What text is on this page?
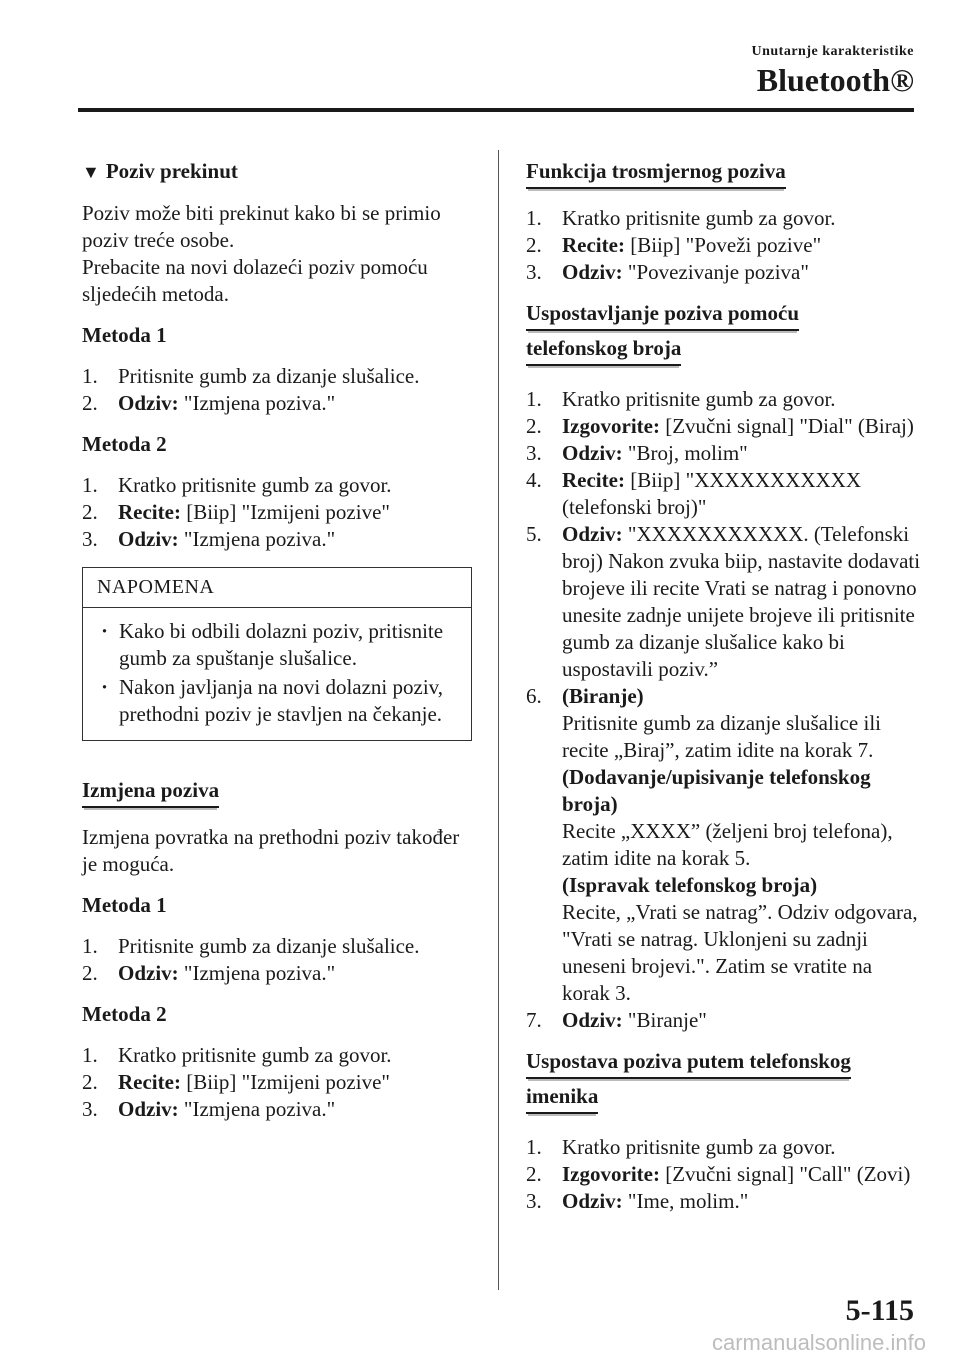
Unutarnje karakteristike
Bluetooth®

▼ Poziv prekinut

Poziv može biti prekinut kako bi se primio poziv treće osobe.

Prebacite na novi dolazeći poziv pomoću sljedećih metoda.

Metoda 1

1. Pritisnite gumb za dizanje slušalice.
2. Odziv: "Izmjena poziva."

Metoda 2

1. Kratko pritisnite gumb za govor.
2. Recite: [Biip] "Izmijeni pozive"
3. Odziv: "Izmjena poziva."
NAPOMENA
· Kako bi odbili dolazni poziv, pritisnite gumb za spuštanje slušalice.
· Nakon javljanja na novi dolazni poziv, prethodni poziv je stavljen na čekanje.

Izmjena poziva

Izmjena povratka na prethodni poziv također je moguća.

Metoda 1

1. Pritisnite gumb za dizanje slušalice.
2. Odziv: "Izmjena poziva."

Metoda 2

1. Kratko pritisnite gumb za govor.
2. Recite: [Biip] "Izmijeni pozive"
3. Odziv: "Izmjena poziva."

Funkcija trosmjernog poziva

1. Kratko pritisnite gumb za govor.
2. Recite: [Biip] "Poveži pozive"
3. Odziv: "Povezivanje poziva"
Uspostavljanje poziva pomoću
telefonskog broja
1. Kratko pritisnite gumb za govor.
2. Izgovorite: [Zvučni signal] "Dial" (Biraj)
3. Odziv: "Broj, molim"
4. Recite: [Biip] "XXXXXXXXXXX (telefonski broj)"
5. Odziv: "XXXXXXXXXXX. (Telefonski broj) Nakon zvuka biip, nastavite dodavati brojeve ili recite Vrati se natrag i ponovno unesite zadnje unijete brojeve ili pritisnite gumb za dizanje slušalice kako bi uspostavili poziv.”
6. (Biranje)
Pritisnite gumb za dizanje slušalice ili recite „Biraj”, zatim idite na korak 7.
(Dodavanje/upisivanje telefonskog broja)
Recite „XXXX” (željeni broj telefona), zatim idite na korak 5.
(Ispravak telefonskog broja)
Recite, „Vrati se natrag”. Odziv odgovara, "Vrati se natrag. Uklonjeni su zadnji uneseni brojevi.". Zatim se vratite na korak 3.
7. Odziv: "Biranje"
Uspostava poziva putem telefonskog
imenika
1. Kratko pritisnite gumb za govor.
2. Izgovorite: [Zvučni signal] "Call" (Zovi)
3. Odziv: "Ime, molim."
5-115
carmanualsonline.info
